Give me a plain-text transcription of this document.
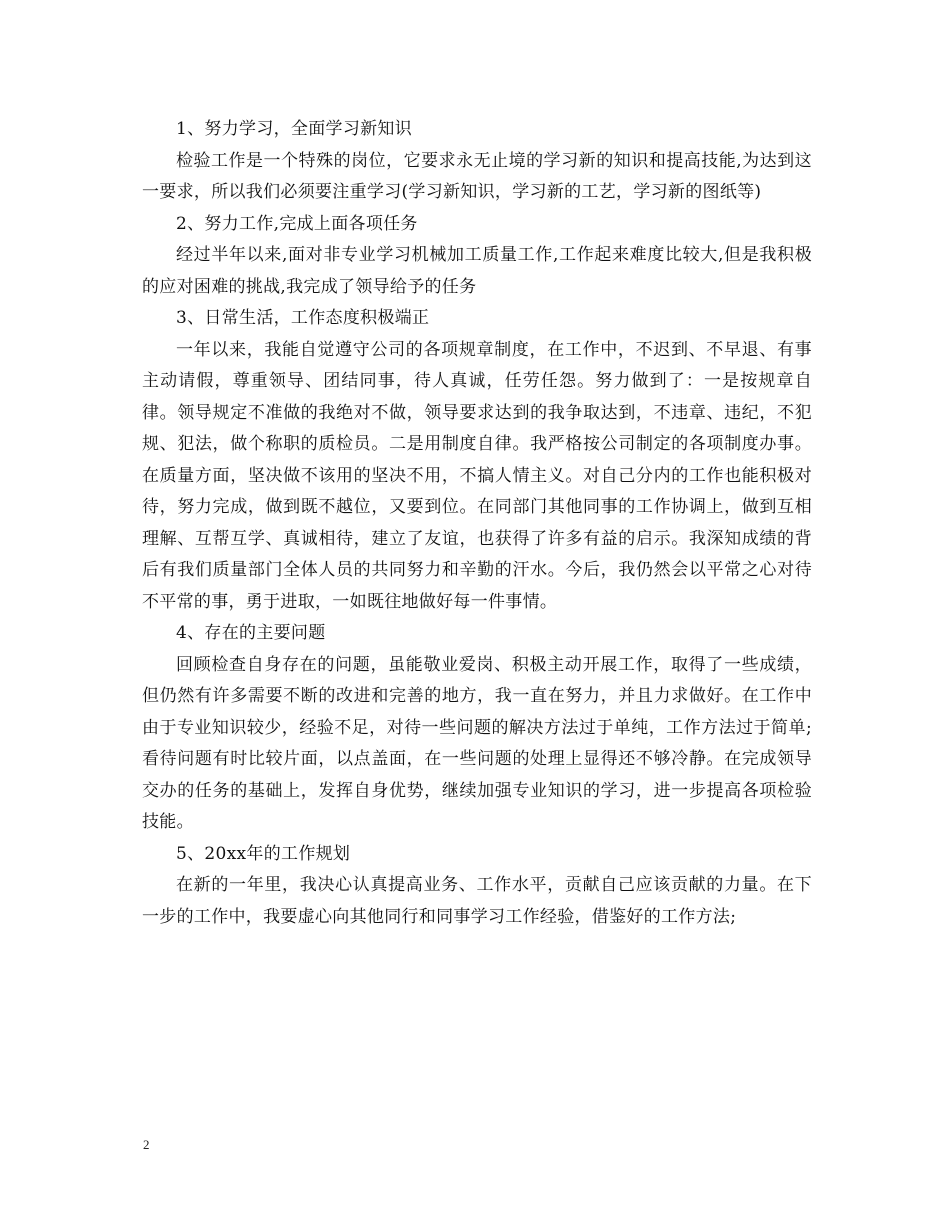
1、努力学习，全面学习新知识

检验工作是一个特殊的岗位，它要求永无止境的学习新的知识和提高技能,为达到这一要求，所以我们必须要注重学习(学习新知识，学习新的工艺，学习新的图纸等)

2、努力工作,完成上面各项任务

经过半年以来,面对非专业学习机械加工质量工作,工作起来难度比较大,但是我积极的应对困难的挑战,我完成了领导给予的任务

3、日常生活，工作态度积极端正

一年以来，我能自觉遵守公司的各项规章制度，在工作中，不迟到、不早退、有事主动请假，尊重领导、团结同事，待人真诚，任劳任怨。努力做到了：一是按规章自律。领导规定不准做的我绝对不做，领导要求达到的我争取达到，不违章、违纪，不犯规、犯法，做个称职的质检员。二是用制度自律。我严格按公司制定的各项制度办事。在质量方面，坚决做不该用的坚决不用，不搞人情主义。对自己分内的工作也能积极对待，努力完成，做到既不越位，又要到位。在同部门其他同事的工作协调上，做到互相理解、互帮互学、真诚相待，建立了友谊，也获得了许多有益的启示。我深知成绩的背后有我们质量部门全体人员的共同努力和辛勤的汗水。今后，我仍然会以平常之心对待不平常的事，勇于进取，一如既往地做好每一件事情。

4、存在的主要问题

回顾检查自身存在的问题，虽能敬业爱岗、积极主动开展工作，取得了一些成绩，但仍然有许多需要不断的改进和完善的地方，我一直在努力，并且力求做好。在工作中由于专业知识较少，经验不足，对待一些问题的解决方法过于单纯，工作方法过于简单;看待问题有时比较片面，以点盖面，在一些问题的处理上显得还不够冷静。在完成领导交办的任务的基础上，发挥自身优势，继续加强专业知识的学习，进一步提高各项检验技能。

5、20xx年的工作规划

在新的一年里，我决心认真提高业务、工作水平，贡献自己应该贡献的力量。在下一步的工作中，我要虚心向其他同行和同事学习工作经验，借鉴好的工作方法;

2
